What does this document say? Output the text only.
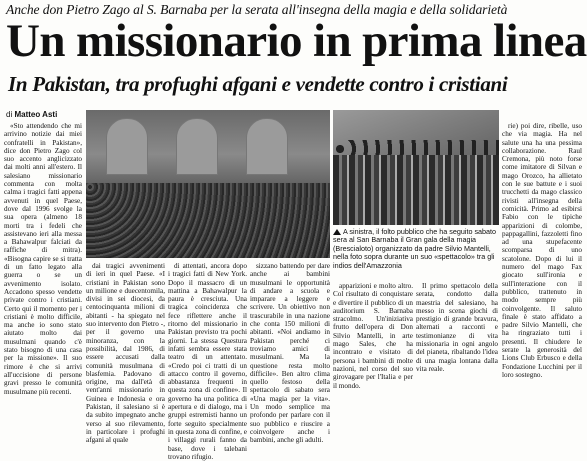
Anche don Pietro Zago al S. Barnaba per la serata all'insegna della magia e della solidarietà
Un missionario in prima linea
In Pakistan, tra profughi afgani e vendette contro i cristiani
di Matteo Asti

«Sto attendendo che mi arrivino notizie dai miei confratelli in Pakistan», dice don Pietro Zago col suo accento anglicizzato dai molti anni all'estero. Il salesiano missionario commenta con molta calma i tragici fatti appena avvenuti in quel Paese, dove dal 1996 svolge la sua opera (almeno 18 morti tra i fedeli che assistevano ieri alla messa a Bahawalpur falciati da raffiche di mitra). «Bisogna capire se si tratta di un fatto legato alla guerra o se un avvenimento isolato. Accadono spesso vendette private contro i cristiani. Certo qui il momento per i cristiani è molto difficile, ma anche io sono stato aiutato molto dai musulmani quando c'è stato bisogno di una casa per la missione». Il suo rimore è che si arrivi all'uccisione di persone gravi presso le comunità musulmane più recenti.

A sinistra, il folto pubblico che ha seguito sabato sera al San Barnaba il Gran gala della magia (Brescialoto) organizzato da padre Silvio Mantelli, nella foto sopra durante un suo «spettacolo» tra gli indios dell'Amazzonia

dai tragici avvenimenti di ieri in quel Paese. «I cristiani in Pakistan sono un milione e duecentomila, divisi in sei diocesi, da centocinquanta milioni di abitanti - ha spiegato nel suo intervento don Pietro -, per il governo una minoranza, con la possibilità, dal 1986, di essere accusati dalla comunità musulmana di blasfemia. Padovano di origine, ma dall'età di vent'anni missionario in Guinea e Indonesia e ora Pakistan, il salesiano si è da subito impegnato anche verso al suo rilevamento, in particolare i profughi afgani al quale

di attentati, ancora dopo i tragici fatti di New York. Dopo il massacro di un mattina a Bahawalpur la paura è cresciuta. Una tragica coincidenza che fece riflettere anche il ritorno del missionario in Pakistan previsto tra pochi giorni. La stessa Questura infatti sembra essere stata teatro di un attentato. «Credo poi ci tratti di un attacco contro il governo, abbastanza frequenti in questa zona di confine». Il governo ha una politica di apertura e di dialogo, ma i gruppi estremisti hanno un forte seguito specialmente in questa zona di confine, e i villaggi rurali fanno da base, dove i talebani trovano rifugio.

sizzano battendo per dare anche ai bambini musulmani le opportunità di andare a scuola e imparare a leggere e scrivere. Un obiettivo non trascurabile in una nazione che conta 150 milioni di abitanti. «Noi andiamo in Pakistan perché ci troviamo amici di musulmani. Ma la questione resta molto difficile». Ben altro clima quello festoso della spettacolo di sabato sera «Una magia per la vita». Un modo semplice ma profondo per parlare con il suo pubblico e riuscire a coinvolgere anche i bambini, anche gli adulti.

apparizioni e molto altro. Col risultato di conquistare e divertire il pubblico di un auditorium S. Barnaba stracolmo. Un'iniziativa frutto dell'opera di Don Silvio Mantelli, in arte mago Sales, che ha incontrato e visitato di persona i bambini di molte nazioni, nel corso del suo girovagare per l'Italia e per il mondo.

Il primo spettacolo della serata, condotto dalla maestria del salesiano, ha messo in scena giochi di prestigio di grande bravura, alternati a racconti e testimonianze di vita missionaria in ogni angolo del pianeta, ribaltando l'idea di una magia lontana dalla vita reale.

rie) poi dire, ribelle, uso che via magia. Ha nel salute una ha una pessima collaborazione. Raul Cremona, più noto forse come imitatore di Silvan e mago Orozco, ha allietato con le sue battute e i suoi trucchetti da mago classico rivisti all'insegna della comicità. Primo ad esibirsi Fabio con le tipiche apparizioni di colombe, pappagallini, fazzoletti fino ad una stupefacente scomparsa di uno scatolone. Dopo di lui il numero del mago Fax giocato sull'ironia e sull'interazione con il pubblico, trattenuto in modo sempre più coinvolgente. Il saluto finale è stato affidato a padre Silvio Mantelli, che ha ringraziato tutti i presenti. Il chiudere le serate la generosità del Lions Club Erbusco e della Fondazione Lucchini per il loro sostegno.
